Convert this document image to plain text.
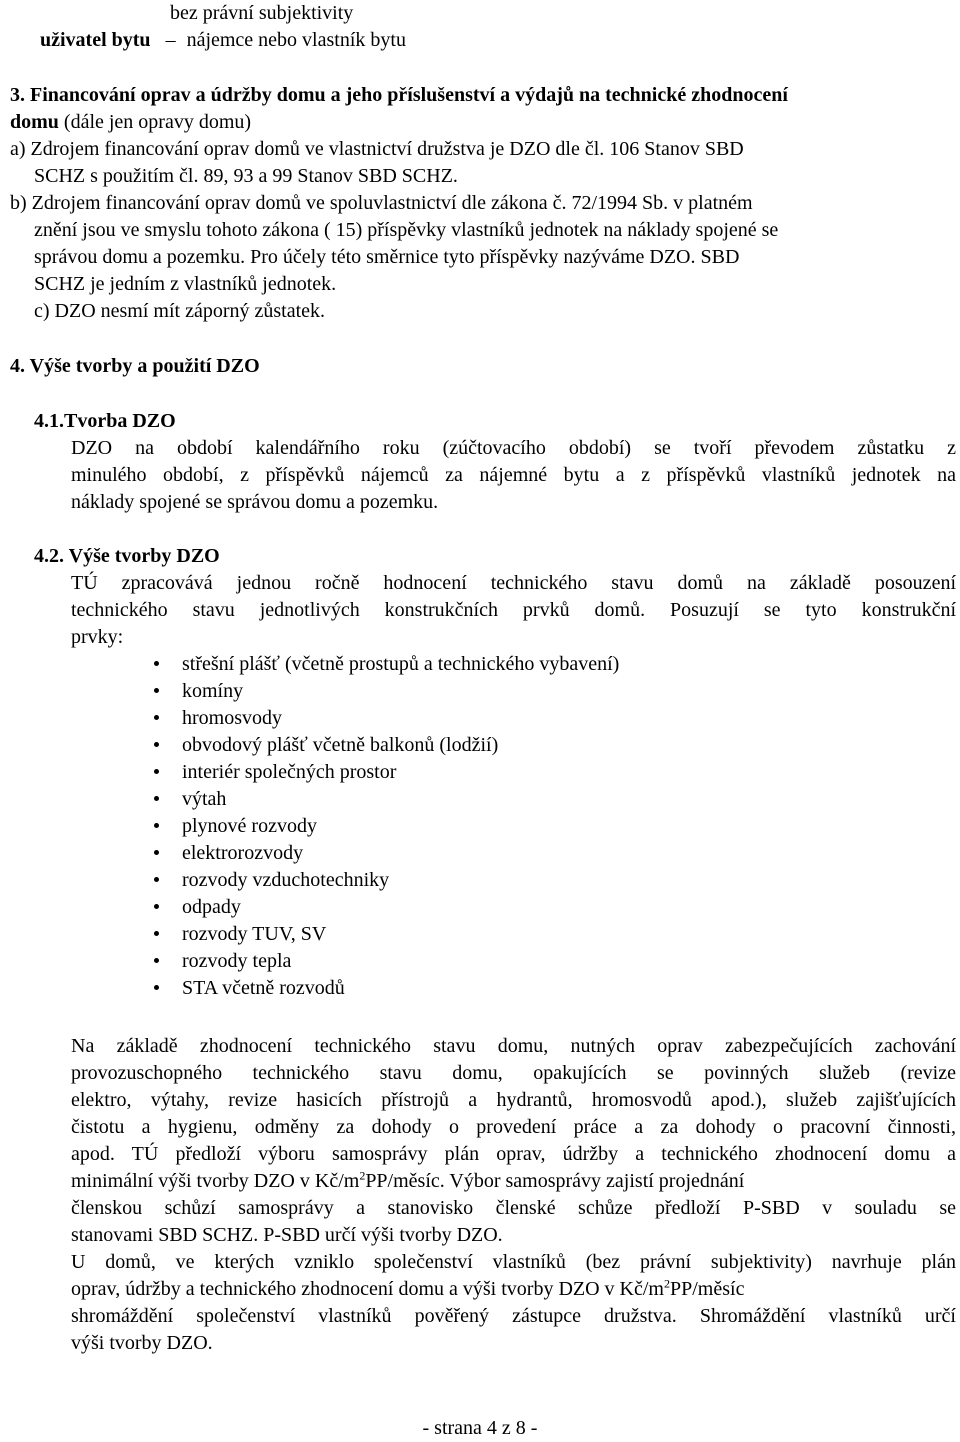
bez právní subjektivity
uživatel bytu – nájemce nebo vlastník bytu
3. Financování oprav a údržby domu a jeho příslušenství a výdajů na technické zhodnocení
domu (dále jen opravy domu)
a) Zdrojem financování oprav domů ve vlastnictví družstva je DZO dle čl. 106 Stanov SBD
SCHZ s použitím čl. 89, 93 a 99 Stanov SBD SCHZ.
b) Zdrojem financování oprav domů ve spoluvlastnictví dle zákona č. 72/1994 Sb. v platném
znění jsou ve smyslu tohoto zákona ( 15) příspěvky vlastníků jednotek na náklady spojené se
správou domu a pozemku. Pro účely této směrnice tyto příspěvky nazýváme DZO. SBD
SCHZ je jedním z vlastníků jednotek.
c) DZO nesmí mít záporný zůstatek.
4. Výše tvorby a použití DZO
4.1.Tvorba DZO
DZO na období kalendářního roku (zúčtovacího období) se tvoří převodem zůstatku z
minulého období, z příspěvků nájemců za nájemné bytu a z příspěvků vlastníků jednotek na
náklady spojené se správou domu a pozemku.
4.2. Výše tvorby DZO
TÚ zpracovává jednou ročně hodnocení technického stavu domů na základě posouzení
technického stavu jednotlivých konstrukčních prvků domů. Posuzují se tyto konstrukční
prvky:
střešní plášť (včetně prostupů a technického vybavení)
komíny
hromosvody
obvodový plášť včetně balkonů (lodžií)
interiér společných prostor
výtah
plynové rozvody
elektrorozvody
rozvody vzduchotechniky
odpady
rozvody TUV, SV
rozvody tepla
STA včetně rozvodů
Na základě zhodnocení technického stavu domu, nutných oprav zabezpečujících zachování
provozuschopného technického stavu domu, opakujících se povinných služeb (revize
elektro, výtahy, revize hasicích přístrojů a hydrantů, hromosvodů apod.), služeb zajišťujících
čistotu a hygienu, odměny za dohody o provedení práce a za dohody o pracovní činnosti,
apod. TÚ předloží výboru samosprávy plán oprav, údržby a technického zhodnocení domu a
minimální výši tvorby DZO v $Kč/m^2PP$/měsíc. Výbor samosprávy zajistí projednání
členskou schůzí samosprávy a stanovisko členské schůze předloží P-SBD v souladu se
stanovami SBD SCHZ. P-SBD určí výši tvorby DZO.
U domů, ve kterých vzniklo společenství vlastníků (bez právní subjektivity) navrhuje plán
oprav, údržby a technického zhodnocení domu a výši tvorby DZO v $Kč/m^2PP$/měsíc
shromáždění společenství vlastníků pověřený zástupce družstva. Shromáždění vlastníků určí
výši tvorby DZO.
- strana 4 z 8 -
